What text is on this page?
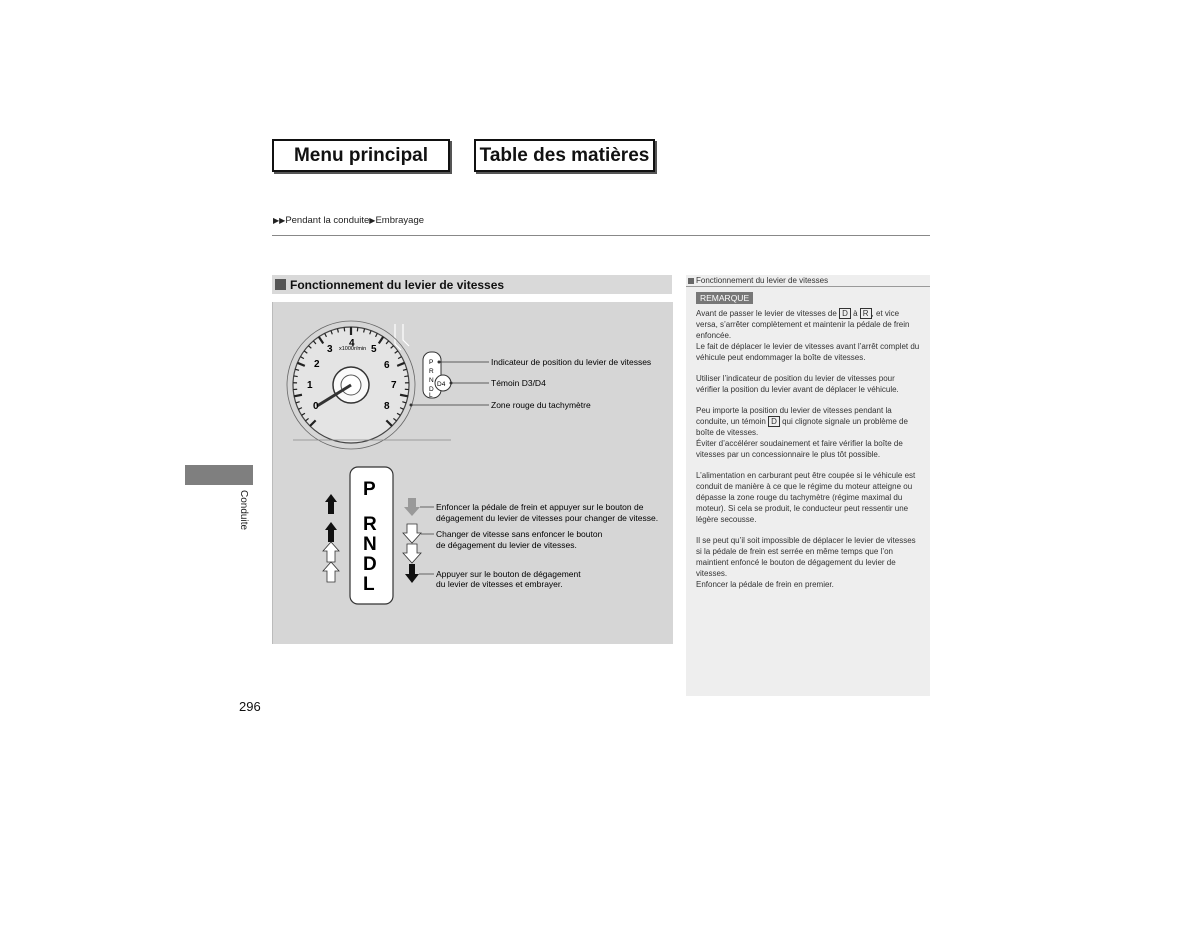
Menu principal	Table des matières
▶▶Pendant la conduite▶Embrayage
Fonctionnement du levier de vitesses
2
3
4
5
6
1	7
0	8
x1000r/min
P
R
N
D
L
D4
Indicateur de position du levier de vitesses
Témoin D3/D4
Zone rouge du tachymètre
P
R
N
D
L
Enfoncer la pédale de frein et appuyer sur le bouton de
dégagement du levier de vitesses pour changer de vitesse.
Changer de vitesse sans enfoncer le bouton
de dégagement du levier de vitesses.
Appuyer sur le bouton de dégagement
du levier de vitesses et embrayer.
Conduite
296
Fonctionnement du levier de vitesses
REMARQUE

Avant de passer le levier de vitesses de D à R , et vice versa, s’arrêter complètement et maintenir la pédale de frein enfoncée.
Le fait de déplacer le levier de vitesses avant l’arrêt complet du véhicule peut endommager la boîte de vitesses.

Utiliser l’indicateur de position du levier de vitesses pour vérifier la position du levier avant de déplacer le véhicule.

Peu importe la position du levier de vitesses pendant la conduite, un témoin D qui clignote signale un problème de boîte de vitesses.
Éviter d’accélérer soudainement et faire vérifier la boîte de vitesses par un concessionnaire le plus tôt possible.

L’alimentation en carburant peut être coupée si le véhicule est conduit de manière à ce que le régime du moteur atteigne ou dépasse la zone rouge du tachymètre (régime maximal du moteur). Si cela se produit, le conducteur peut ressentir une légère secousse.

Il se peut qu’il soit impossible de déplacer le levier de vitesses si la pédale de frein est serrée en même temps que l’on maintient enfoncé le bouton de dégagement du levier de vitesses.
Enfoncer la pédale de frein en premier.
